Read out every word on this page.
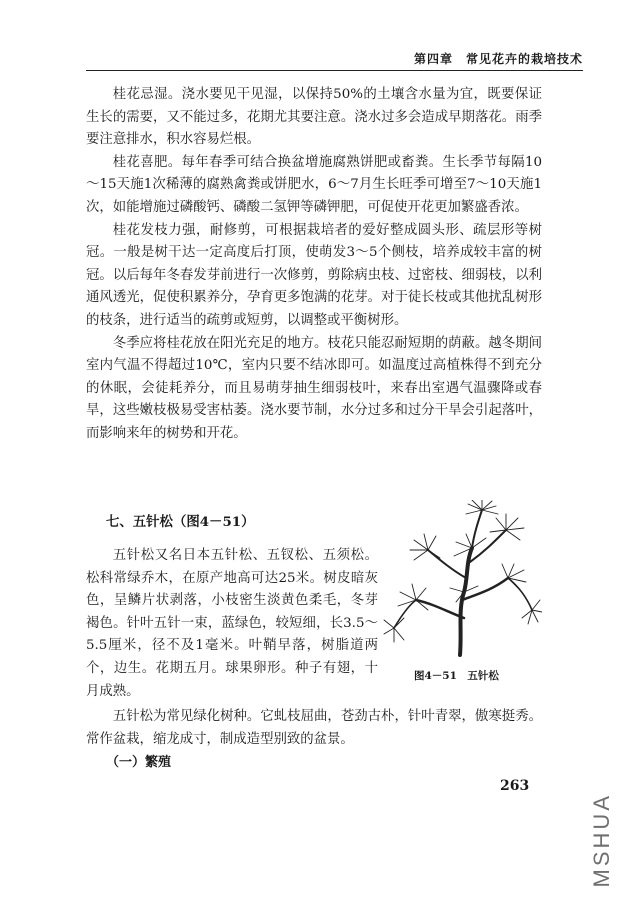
第四章　常见花卉的栽培技术

桂花忌湿。浇水要见干见湿，以保持50%的土壤含水量为宜，既要保证生长的需要，又不能过多，花期尤其要注意。浇水过多会造成早期落花。雨季要注意排水，积水容易烂根。

桂花喜肥。每年春季可结合换盆增施腐熟饼肥或畜粪。生长季节每隔10～15天施1次稀薄的腐熟禽粪或饼肥水，6～7月生长旺季可增至7～10天施1次，如能增施过磷酸钙、磷酸二氢钾等磷钾肥，可促使开花更加繁盛香浓。

桂花发枝力强，耐修剪，可根据栽培者的爱好整成圆头形、疏层形等树冠。一般是树干达一定高度后打顶，使萌发3～5个侧枝，培养成较丰富的树冠。以后每年冬春发芽前进行一次修剪，剪除病虫枝、过密枝、细弱枝，以利通风透光，促使积累养分，孕育更多饱满的花芽。对于徒长枝或其他扰乱树形的枝条，进行适当的疏剪或短剪，以调整或平衡树形。

冬季应将桂花放在阳光充足的地方。枝花只能忍耐短期的荫蔽。越冬期间室内气温不得超过10℃，室内只要不结冰即可。如温度过高植株得不到充分的休眠，会徒耗养分，而且易萌芽抽生细弱枝叶，来春出室遇气温骤降或春旱，这些嫩枝极易受害枯萎。浇水要节制，水分过多和过分干旱会引起落叶，而影响来年的树势和开花。

七、五针松（图4－51）

五针松又名日本五针松、五钗松、五须松。松科常绿乔木，在原产地高可达25米。树皮暗灰色，呈鳞片状剥落，小枝密生淡黄色柔毛，冬芽褐色。针叶五针一束，蓝绿色，较短细，长3.5～5.5厘米，径不及1毫米。叶鞘早落，树脂道两个，边生。花期五月。球果卵形。种子有翅，十月成熟。

图4－51　五针松

五针松为常见绿化树种。它虬枝屈曲，苍劲古朴，针叶青翠，傲寒挺秀。常作盆栽，缩龙成寸，制成造型别致的盆景。

（一）繁殖
263
MSHUA
